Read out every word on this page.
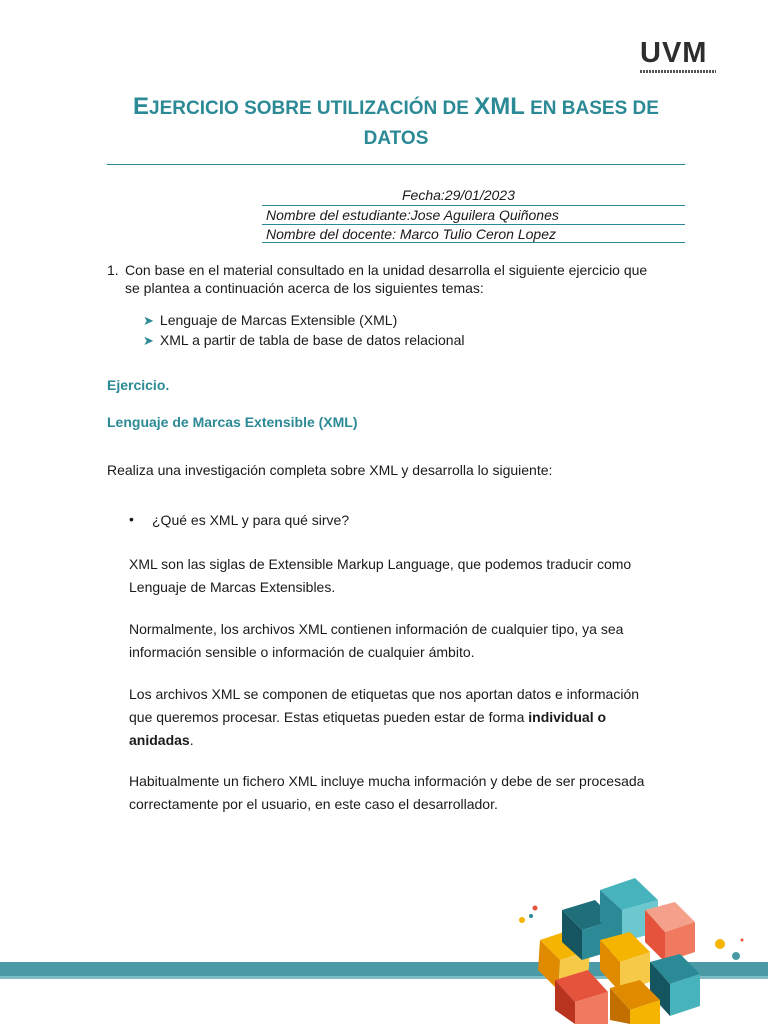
UVM
EJERCICIO SOBRE UTILIZACIÓN DE XML EN BASES DE
DATOS
Fecha:29/01/2023
Nombre del estudiante:Jose Aguilera Quiñones
Nombre del docente: Marco Tulio Ceron Lopez
1. Con base en el material consultado en la unidad desarrolla el siguiente ejercicio que
se plantea a continuación acerca de los siguientes temas:
➤ Lenguaje de Marcas Extensible (XML)
➤ XML a partir de tabla de base de datos relacional
Ejercicio.
Lenguaje de Marcas Extensible (XML)
Realiza una investigación completa sobre XML y desarrolla lo siguiente:
• ¿Qué es XML y para qué sirve?
XML son las siglas de Extensible Markup Language, que podemos traducir como
Lenguaje de Marcas Extensibles.
Normalmente, los archivos XML contienen información de cualquier tipo, ya sea
información sensible o información de cualquier ámbito.
Los archivos XML se componen de etiquetas que nos aportan datos e información
que queremos procesar. Estas etiquetas pueden estar de forma individual o
anidadas.
Habitualmente un fichero XML incluye mucha información y debe de ser procesada
correctamente por el usuario, en este caso el desarrollador.
